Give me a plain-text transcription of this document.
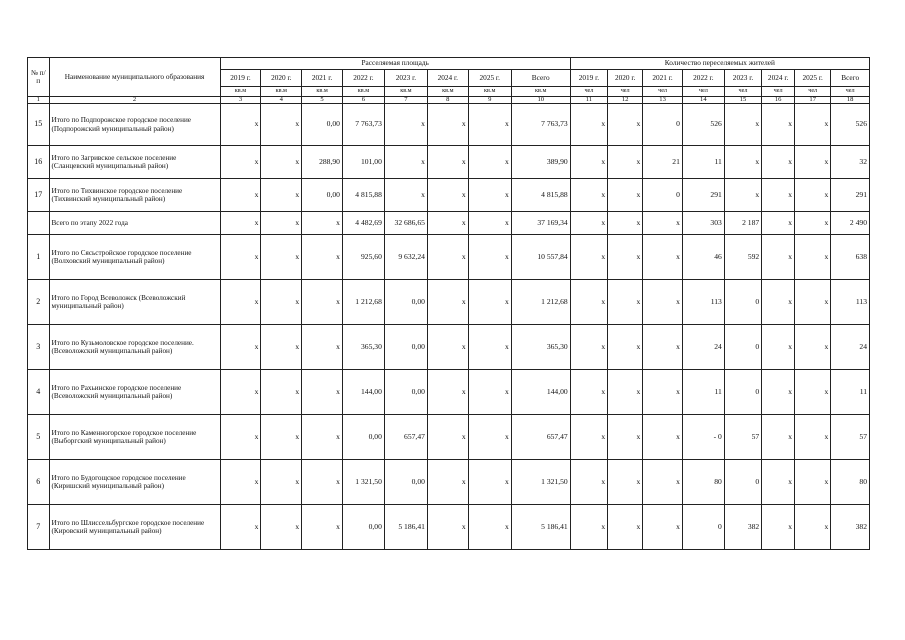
№ п/п	Наименование муниципального образования	Расселяемая площадь								Количество переселяемых жителей							
		2019 г.	2020 г.	2021 г.	2022 г.	2023 г.	2024 г.	2025 г.	Всего	2019 г.	2020 г.	2021 г.	2022 г.	2023 г.	2024 г.	2025 г.	Всего
		кв.м	кв.м	кв.м	кв.м	кв.м	кв.м	кв.м	кв.м	чел	чел	чел	чел	чел	чел	чел	чел
1	2	3	4	5	6	7	8	9	10	11	12	13	14	15	16	17	18
15	Итого по Подпорожское городское поселение (Подпорожский муниципальный район)	x	x	0,00	7 763,73	x	x	x	7 763,73	x	x	0	526	x	x	x	526
16	Итого по Загривское сельское поселение (Сланцевский муниципальный район)	x	x	288,90	101,00	x	x	x	389,90	x	x	21	11	x	x	x	32
17	Итого по Тихвинское городское поселение (Тихвинский муниципальный район)	x	x	0,00	4 815,88	x	x	x	4 815,88	x	x	0	291	x	x	x	291
	Всего по этапу 2022 года	x	x	x	4 482,69	32 686,65	x	x	37 169,34	x	x	x	303	2 187	x	x	2 490
1	Итого по Сясьстройское городское поселение (Волховский муниципальный район)	x	x	x	925,60	9 632,24	x	x	10 557,84	x	x	x	46	592	x	x	638
2	Итого по Город Всеволожск (Всеволожский муниципальный район)	x	x	x	1 212,68	0,00	x	x	1 212,68	x	x	x	113	0	x	x	113
3	Итого по Кузьмоловское городское поселение. (Всеволожский муниципальный район)	x	x	x	365,30	0,00	x	x	365,30	x	x	x	24	0	x	x	24
4	Итого по Рахьинское городское поселение (Всеволожский муниципальный район)	x	x	x	144,00	0,00	x	x	144,00	x	x	x	11	0	x	x	11
5	Итого по Каменногорское городское поселение (Выборгский муниципальный район)	x	x	x	0,00	657,47	x	x	657,47	x	x	x	- 0	57	x	x	57
6	Итого по Будогощское городское поселение (Киришский муниципальный район)	x	x	x	1 321,50	0,00	x	x	1 321,50	x	x	x	80	0	x	x	80
7	Итого по Шлиссельбургское городское поселение (Кировский муниципальный район)	x	x	x	0,00	5 186,41	x	x	5 186,41	x	x	x	0	382	x	x	382
